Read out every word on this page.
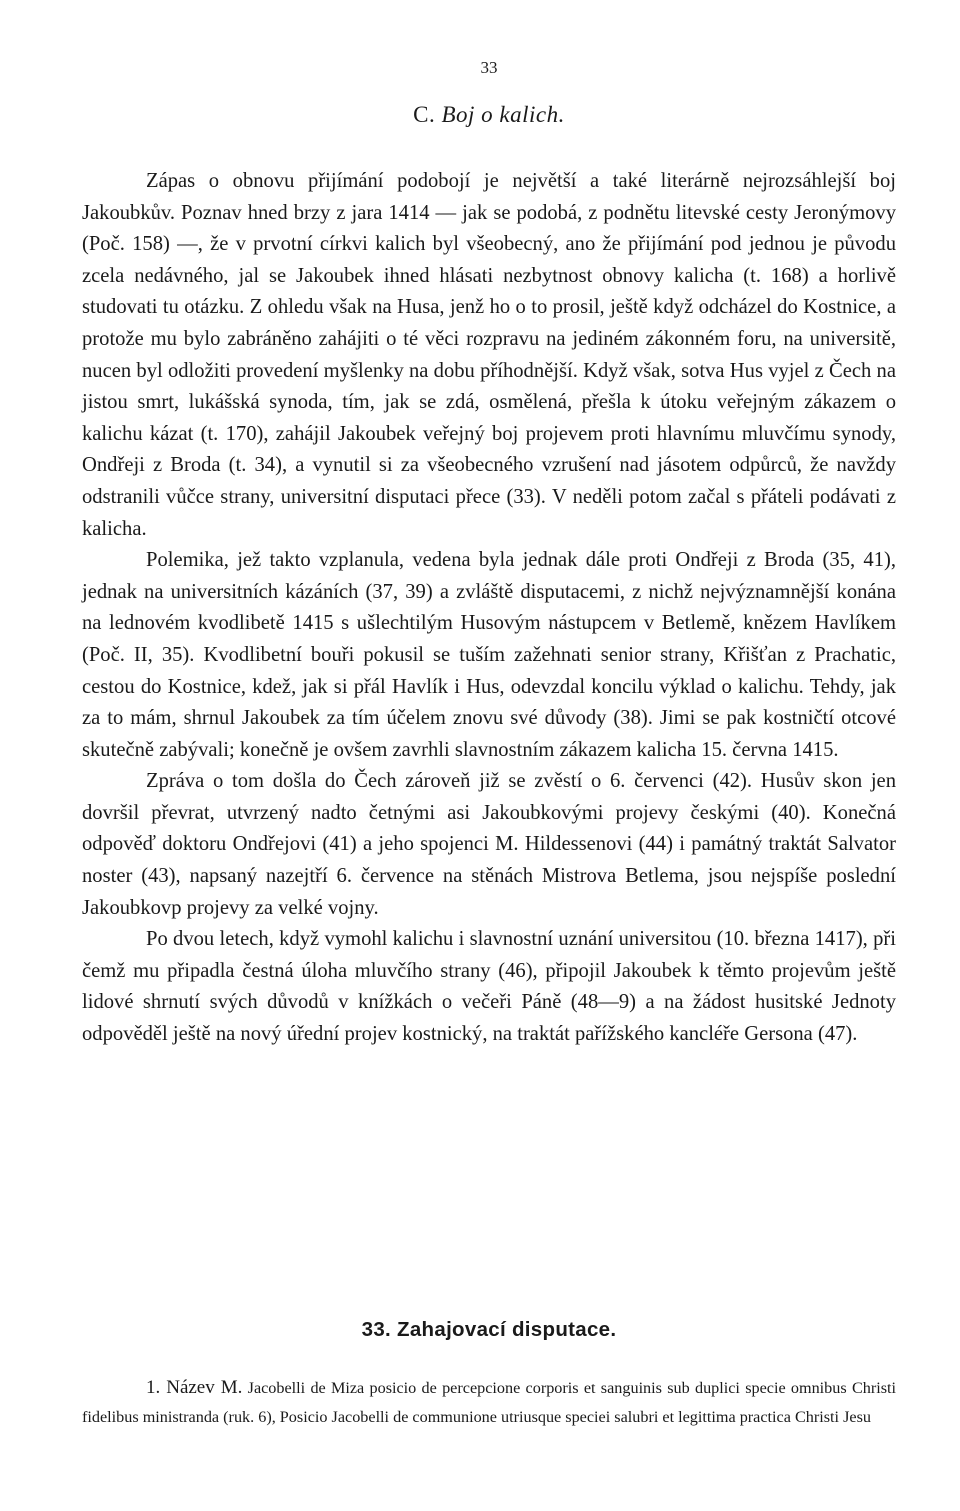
33
C. Boj o kalich.

Zápas o obnovu přijímání podobojí je největší a také literárně nejrozsáhlejší boj Jakoubkův. Poznav hned brzy z jara 1414 — jak se podobá, z podnětu litevské cesty Jeronýmovy (Poč. 158) —, že v prvotní církvi kalich byl všeobecný, ano že přijímání pod jednou je původu zcela nedávného, jal se Jakoubek ihned hlásati nezbytnost obnovy kalicha (t. 168) a horlivě studovati tu otázku. Z ohledu však na Husa, jenž ho o to prosil, ještě když odcházel do Kostnice, a protože mu bylo zabráněno zahájiti o té věci rozpravu na jediném zákonném foru, na universitě, nucen byl odložiti provedení myšlenky na dobu příhodnější. Když však, sotva Hus vyjel z Čech na jistou smrt, lukášská synoda, tím, jak se zdá, osmělená, přešla k útoku veřejným zákazem o kalichu kázat (t. 170), zahájil Jakoubek veřejný boj projevem proti hlavnímu mluvčímu synody, Ondřeji z Broda (t. 34), a vynutil si za všeobecného vzrušení nad jásotem odpůrců, že navždy odstranili vůčce strany, universitní disputaci přece (33). V neděli potom začal s přáteli podávati z kalicha.

Polemika, jež takto vzplanula, vedena byla jednak dále proti Ondřeji z Broda (35, 41), jednak na universitních kázáních (37, 39) a zvláště disputacemi, z nichž nejvýznamnější konána na lednovém kvodlibetě 1415 s ušlechtilým Husovým nástupcem v Betlemě, knězem Havlíkem (Poč. II, 35). Kvodlibetní bouři pokusil se tuším zažehnati senior strany, Křišťan z Prachatic, cestou do Kostnice, kdež, jak si přál Havlík i Hus, odevzdal koncilu výklad o kalichu. Tehdy, jak za to mám, shrnul Jakoubek za tím účelem znovu své důvody (38). Jimi se pak kostničtí otcové skutečně zabývali; konečně je ovšem zavrhli slavnostním zákazem kalicha 15. června 1415.

Zpráva o tom došla do Čech zároveň již se zvěstí o 6. červenci (42). Husův skon jen dovršil převrat, utvrzený nadto četnými asi Jakoubkovými projevy českými (40). Konečná odpověď doktoru Ondřejovi (41) a jeho spojenci M. Hildessenovi (44) i památný traktát Salvator noster (43), napsaný nazejtří 6. července na stěnách Mistrova Betlema, jsou nejspíše poslední Jakoubkovp projevy za velké vojny.

Po dvou letech, když vymohl kalichu i slavnostní uznání universitou (10. března 1417), při čemž mu připadla čestná úloha mluvčího strany (46), připojil Jakoubek k těmto projevům ještě lidové shrnutí svých důvodů v knížkách o večeři Páně (48—9) a na žádost husitské Jednoty odpověděl ještě na nový úřední projev kostnický, na traktát pařížského kancléře Gersona (47).

33. Zahajovací disputace.

1. Název M. Jacobelli de Miza posicio de percepcione corporis et sanguinis sub duplici specie omnibus Christi fidelibus ministranda (ruk. 6), Posicio Jacobelli de communione utriusque speciei salubri et legittima practica Christi Jesu
